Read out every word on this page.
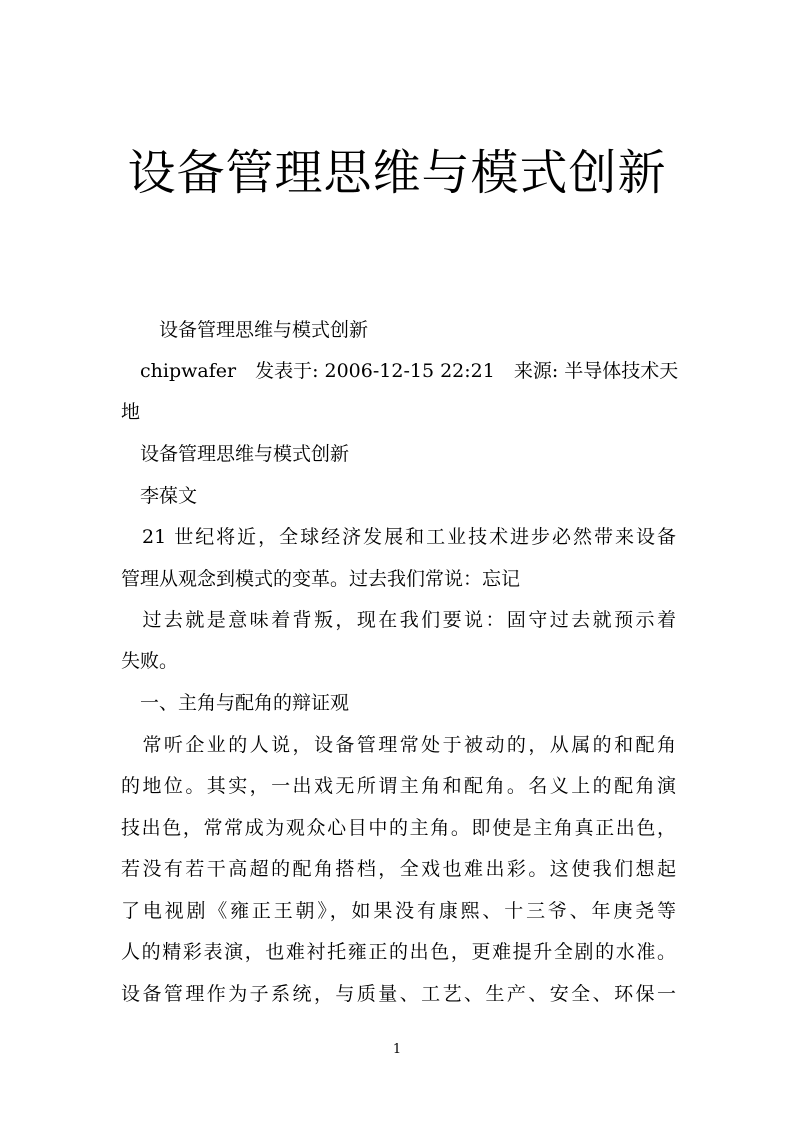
设备管理思维与模式创新
　　设备管理思维与模式创新
　chipwafer　发表于: 2006-12-15 22:21　来源: 半导体技术天
地
　设备管理思维与模式创新
　李葆文
　21 世纪将近，全球经济发展和工业技术进步必然带来设备
管理从观念到模式的变革。过去我们常说：忘记
　过去就是意味着背叛，现在我们要说：固守过去就预示着
失败。
　一、主角与配角的辩证观
　常听企业的人说，设备管理常处于被动的，从属的和配角
的地位。其实，一出戏无所谓主角和配角。名义上的配角演
技出色，常常成为观众心目中的主角。即使是主角真正出色，
若没有若干高超的配角搭档，全戏也难出彩。这使我们想起
了电视剧《雍正王朝》，如果没有康熙、十三爷、年庚尧等
人的精彩表演，也难衬托雍正的出色，更难提升全剧的水准。
设备管理作为子系统，与质量、工艺、生产、安全、环保一
1
